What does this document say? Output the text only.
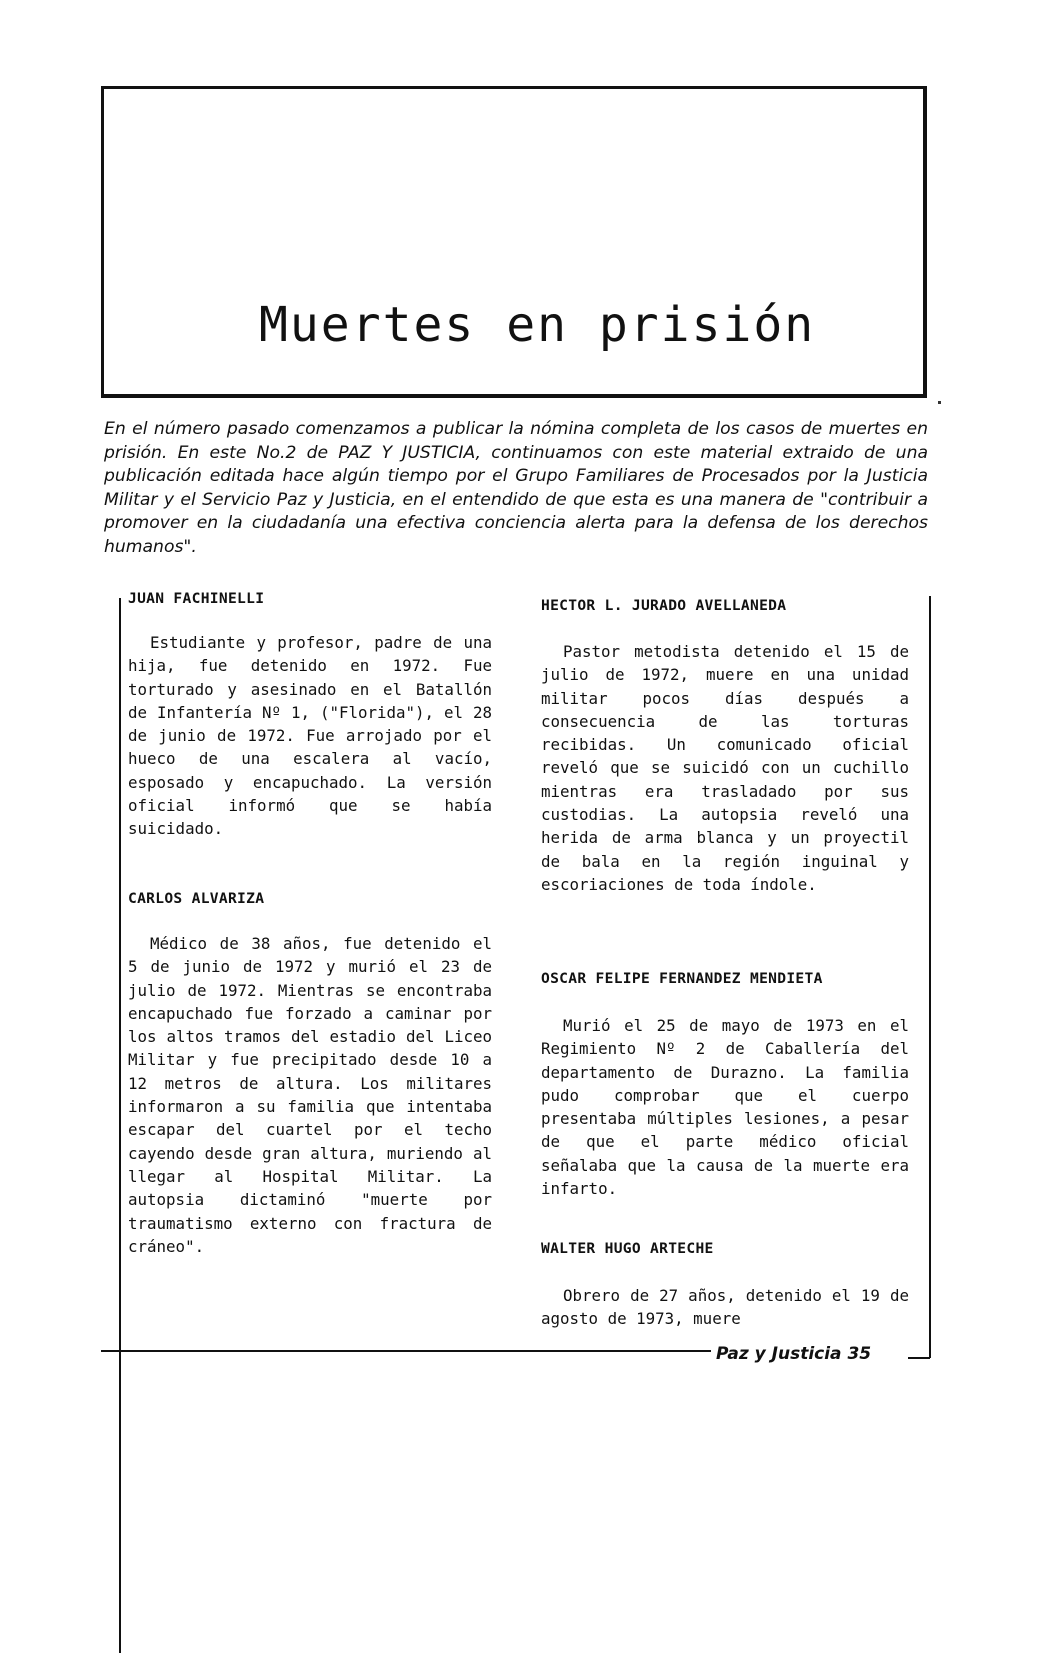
Muertes en prisión

En el número pasado comenzamos a publicar la nómina completa de los casos de muertes en prisión. En este No.2 de PAZ Y JUSTICIA, continuamos con este material extraido de una publicación editada hace algún tiempo por el Grupo Familiares de Procesados por la Justicia Militar y el Servicio Paz y Justicia, en el entendido de que esta es una manera de "contribuir a promover en la ciudadanía una efectiva conciencia alerta para la defensa de los derechos humanos".

JUAN FACHINELLI

Estudiante y profesor, padre de una hija, fue detenido en 1972. Fue torturado y asesinado en el Batallón de Infantería Nº 1, ("Florida"), el 28 de junio de 1972. Fue arrojado por el hueco de una escalera al vacío, esposado y encapuchado. La versión oficial informó que se había suicidado.

CARLOS ALVARIZA

Médico de 38 años, fue detenido el 5 de junio de 1972 y murió el 23 de julio de 1972. Mientras se encontraba encapuchado fue forzado a caminar por los altos tramos del estadio del Liceo Militar y fue precipitado desde 10 a 12 metros de altura. Los militares informaron a su familia que intentaba escapar del cuartel por el techo cayendo desde gran altura, muriendo al llegar al Hospital Militar. La autopsia dictaminó "muerte por traumatismo externo con fractura de cráneo".

HECTOR L. JURADO AVELLANEDA

Pastor metodista detenido el 15 de julio de 1972, muere en una unidad militar pocos días después a consecuencia de las torturas recibidas. Un comunicado oficial reveló que se suicidó con un cuchillo mientras era trasladado por sus custodias. La autopsia reveló una herida de arma blanca y un proyectil de bala en la región inguinal y escoriaciones de toda índole.

OSCAR FELIPE FERNANDEZ MENDIETA

Murió el 25 de mayo de 1973 en el Regimiento Nº 2 de Caballería del departamento de Durazno. La familia pudo comprobar que el cuerpo presentaba múltiples lesiones, a pesar de que el parte médico oficial señalaba que la causa de la muerte era infarto.

WALTER HUGO ARTECHE

Obrero de 27 años, detenido el 19 de agosto de 1973, muere

Paz y Justicia 35
